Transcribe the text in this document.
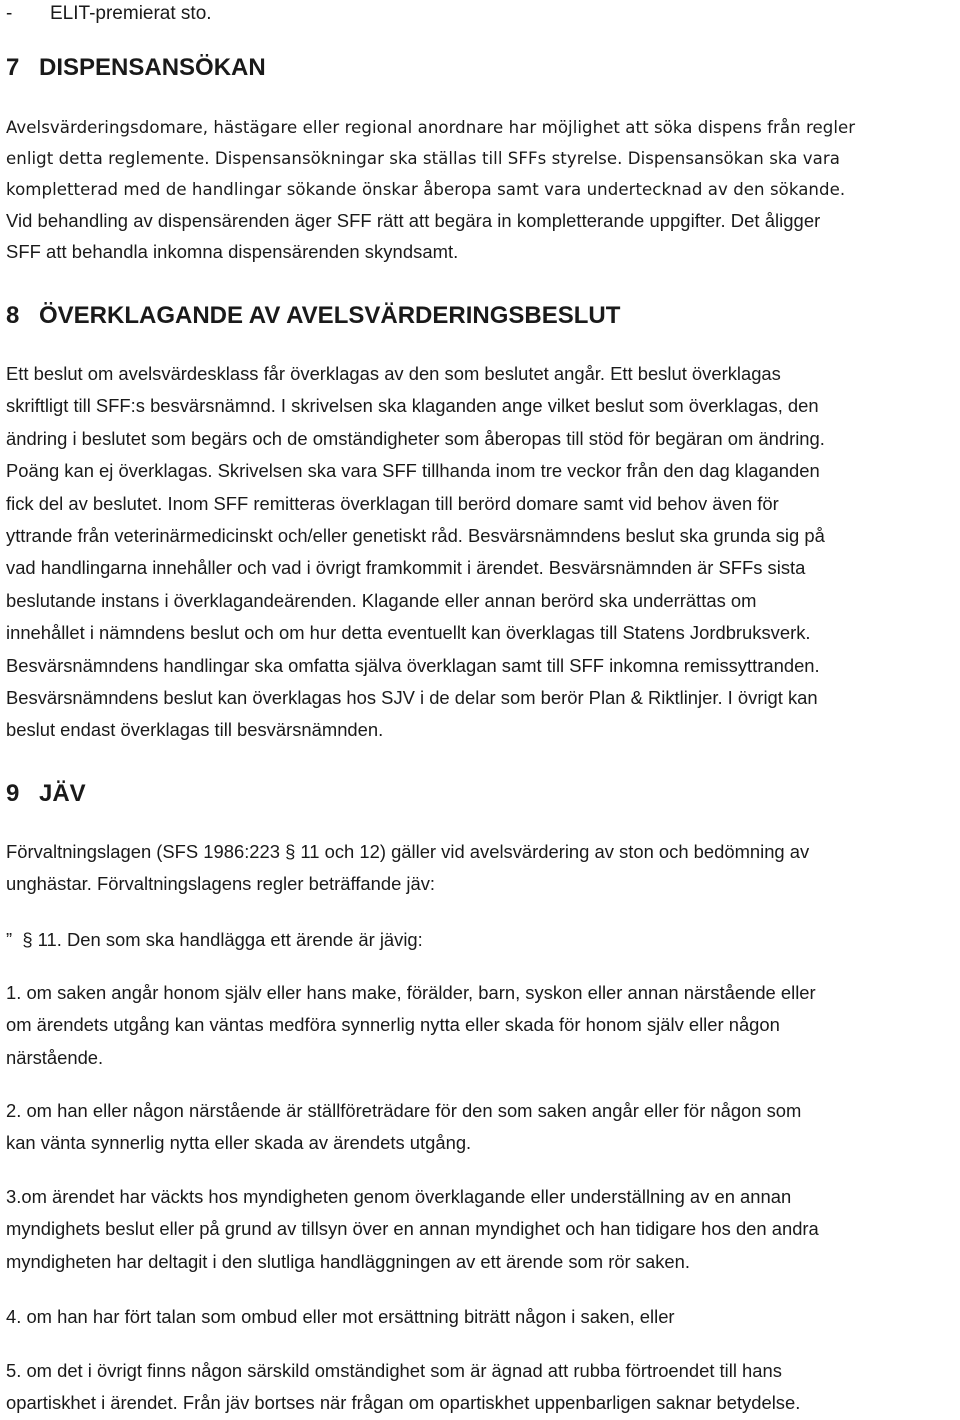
- ELIT-premierat sto.
7 DISPENSANSÖKAN

Avelsvärderingsdomare, hästägare eller regional anordnare har möjlighet att söka dispens från regler
enligt detta reglemente. Dispensansökningar ska ställas till SFFs styrelse. Dispensansökan ska vara
kompletterad med de handlingar sökande önskar åberopa samt vara undertecknad av den sökande.
Vid behandling av dispensärenden äger SFF rätt att begära in kompletterande uppgifter. Det åligger
SFF att behandla inkomna dispensärenden skyndsamt.

8 ÖVERKLAGANDE AV AVELSVÄRDERINGSBESLUT

Ett beslut om avelsvärdesklass får överklagas av den som beslutet angår. Ett beslut överklagas
skriftligt till SFF:s besvärsnämnd. I skrivelsen ska klaganden ange vilket beslut som överklagas, den
ändring i beslutet som begärs och de omständigheter som åberopas till stöd för begäran om ändring.
Poäng kan ej överklagas. Skrivelsen ska vara SFF tillhanda inom tre veckor från den dag klaganden
fick del av beslutet. Inom SFF remitteras överklagan till berörd domare samt vid behov även för
yttrande från veterinärmedicinskt och/eller genetiskt råd. Besvärsnämndens beslut ska grunda sig på
vad handlingarna innehåller och vad i övrigt framkommit i ärendet. Besvärsnämnden är SFFs sista
beslutande instans i överklagandeärenden. Klagande eller annan berörd ska underrättas om
innehållet i nämndens beslut och om hur detta eventuellt kan överklagas till Statens Jordbruksverk.
Besvärsnämndens handlingar ska omfatta själva överklagan samt till SFF inkomna remissyttranden.
Besvärsnämndens beslut kan överklagas hos SJV i de delar som berör Plan & Riktlinjer. I övrigt kan
beslut endast överklagas till besvärsnämnden.

9 JÄV

Förvaltningslagen (SFS 1986:223 § 11 och 12) gäller vid avelsvärdering av ston och bedömning av
unghästar. Förvaltningslagens regler beträffande jäv:

”  § 11. Den som ska handlägga ett ärende är jävig:

1. om saken angår honom själv eller hans make, förälder, barn, syskon eller annan närstående eller
om ärendets utgång kan väntas medföra synnerlig nytta eller skada för honom själv eller någon
närstående.

2. om han eller någon närstående är ställföreträdare för den som saken angår eller för någon som
kan vänta synnerlig nytta eller skada av ärendets utgång.

3.om ärendet har väckts hos myndigheten genom överklagande eller underställning av en annan
myndighets beslut eller på grund av tillsyn över en annan myndighet och han tidigare hos den andra
myndigheten har deltagit i den slutliga handläggningen av ett ärende som rör saken.

4. om han har fört talan som ombud eller mot ersättning biträtt någon i saken, eller

5. om det i övrigt finns någon särskild omständighet som är ägnad att rubba förtroendet till hans
opartiskhet i ärendet. Från jäv bortses när frågan om opartiskhet uppenbarligen saknar betydelse.
